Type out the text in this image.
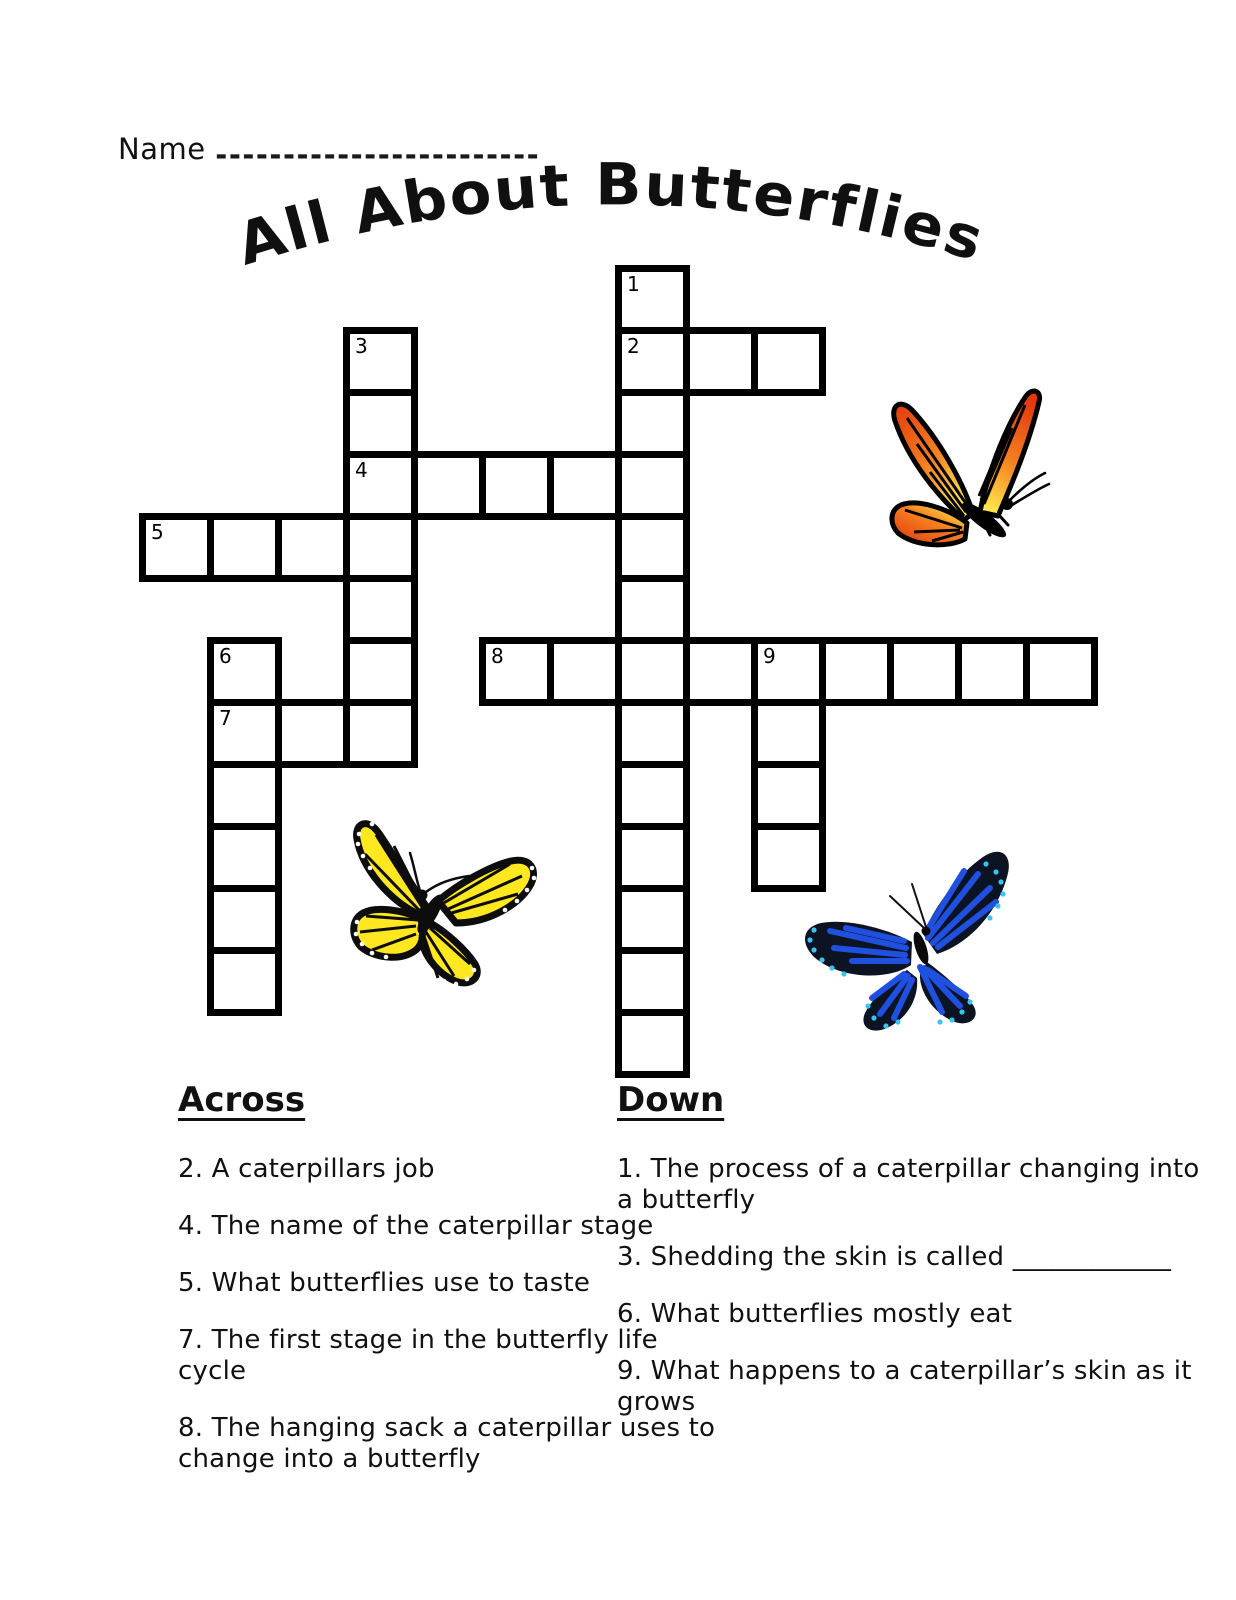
Name ------------------------
All About Butterflies
1
2
3
4
5
6
7
8	9
Across
2. A caterpillars job
4. The name of the caterpillar stage
5. What butterflies use to taste
7. The first stage in the butterfly life
cycle
8. The hanging sack a caterpillar uses to
change into a butterfly
Down
1. The process of a caterpillar changing into
a butterfly
3. Shedding the skin is called ____________
6. What butterflies mostly eat
9. What happens to a caterpillar’s skin as it
grows
